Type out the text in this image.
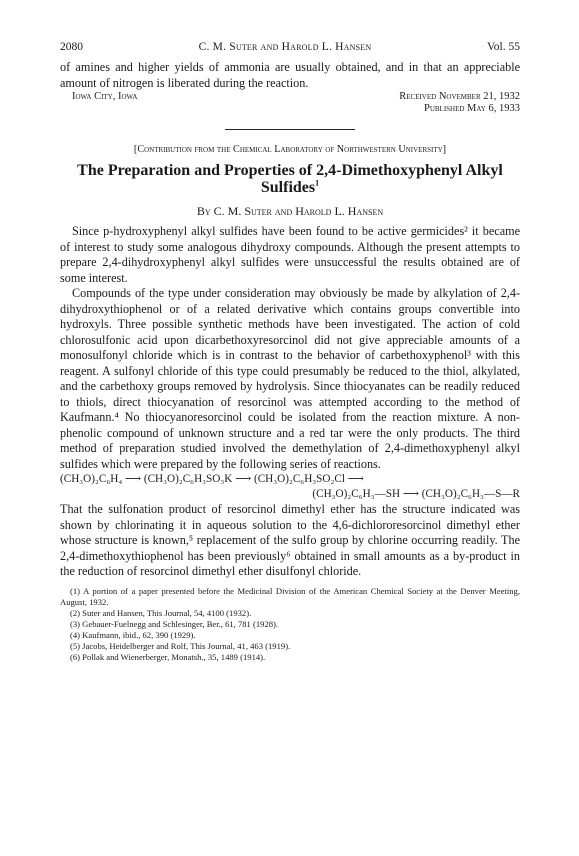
2080	C. M. Suter and Harold L. Hansen	Vol. 55

of amines and higher yields of ammonia are usually obtained, and in that an appreciable amount of nitrogen is liberated during the reaction.

Iowa City, Iowa	Received November 21, 1932
Published May 6, 1933
[Contribution from the Chemical Laboratory of Northwestern University]
The Preparation and Properties of 2,4-Dimethoxyphenyl Alkyl Sulfides$^1$
By C. M. Suter and Harold L. Hansen

Since p-hydroxyphenyl alkyl sulfides have been found to be active germicides² it became of interest to study some analogous dihydroxy compounds. Although the present attempts to prepare 2,4-dihydroxyphenyl alkyl sulfides were unsuccessful the results obtained are of some interest.

Compounds of the type under consideration may obviously be made by alkylation of 2,4-dihydroxythiophenol or of a related derivative which contains groups convertible into hydroxyls. Three possible synthetic methods have been investigated. The action of cold chlorosulfonic acid upon dicarbethoxyresorcinol did not give appreciable amounts of a monosulfonyl chloride which is in contrast to the behavior of carbethoxyphenol³ with this reagent. A sulfonyl chloride of this type could presumably be reduced to the thiol, alkylated, and the carbethoxy groups removed by hydrolysis. Since thiocyanates can be readily reduced to thiols, direct thiocyanation of resorcinol was attempted according to the method of Kaufmann.⁴ No thiocyanoresorcinol could be isolated from the reaction mixture. A non-phenolic compound of unknown structure and a red tar were the only products. The third method of preparation studied involved the demethylation of 2,4-dimethoxyphenyl alkyl sulfides which were prepared by the following series of reactions.

(CH₃O)₂C₆H₄ ⟶ (CH₃O)₂C₆H₃SO₃K ⟶ (CH₃O)₂C₆H₃SO₂Cl ⟶
(CH₃O)₂C₆H₃—SH ⟶ (CH₃O)₂C₆H₃—S—R

That the sulfonation product of resorcinol dimethyl ether has the structure indicated was shown by chlorinating it in aqueous solution to the 4,6-dichlororesorcinol dimethyl ether whose structure is known,⁵ replacement of the sulfo group by chlorine occurring readily. The 2,4-dimethoxythiophenol has been previously⁶ obtained in small amounts as a by-product in the reduction of resorcinol dimethyl ether disulfonyl chloride.

(1) A portion of a paper presented before the Medicinal Division of the American Chemical Society at the Denver Meeting, August, 1932.
(2) Suter and Hansen, This Journal, 54, 4100 (1932).
(3) Gebauer-Fuelnegg and Schlesinger, Ber., 61, 781 (1928).
(4) Kaufmann, ibid., 62, 390 (1929).
(5) Jacobs, Heidelberger and Rolf, This Journal, 41, 463 (1919).
(6) Pollak and Wienerberger, Monatsh., 35, 1489 (1914).
